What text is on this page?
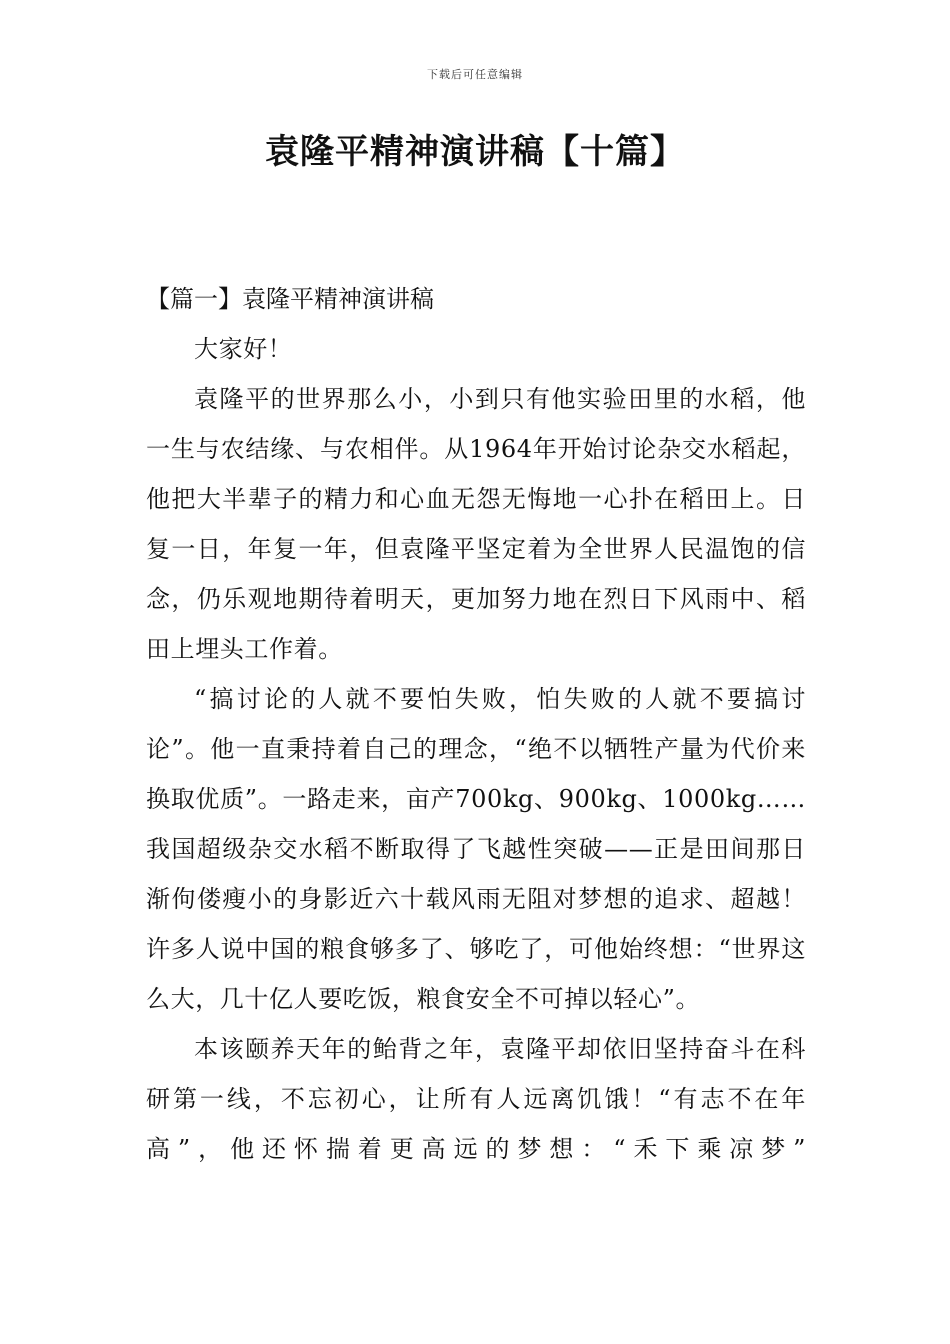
下载后可任意编辑
袁隆平精神演讲稿【十篇】
【篇一】袁隆平精神演讲稿

大家好！

袁隆平的世界那么小，小到只有他实验田里的水稻，他一生与农结缘、与农相伴。从1964年开始讨论杂交水稻起，他把大半辈子的精力和心血无怨无悔地一心扑在稻田上。日复一日，年复一年，但袁隆平坚定着为全世界人民温饱的信念，仍乐观地期待着明天，更加努力地在烈日下风雨中、稻田上埋头工作着。

“搞讨论的人就不要怕失败，怕失败的人就不要搞讨论”。他一直秉持着自己的理念，“绝不以牺牲产量为代价来换取优质”。一路走来，亩产700kg、900kg、1000kg……我国超级杂交水稻不断取得了飞越性突破——正是田间那日渐佝偻瘦小的身影近六十载风雨无阻对梦想的追求、超越！许多人说中国的粮食够多了、够吃了，可他始终想：“世界这么大，几十亿人要吃饭，粮食安全不可掉以轻心”。

本该颐养天年的鲐背之年，袁隆平却依旧坚持奋斗在科研第一线，不忘初心，让所有人远离饥饿！“有志不在年高”，他还怀揣着更高远的梦想：“禾下乘凉梦”
